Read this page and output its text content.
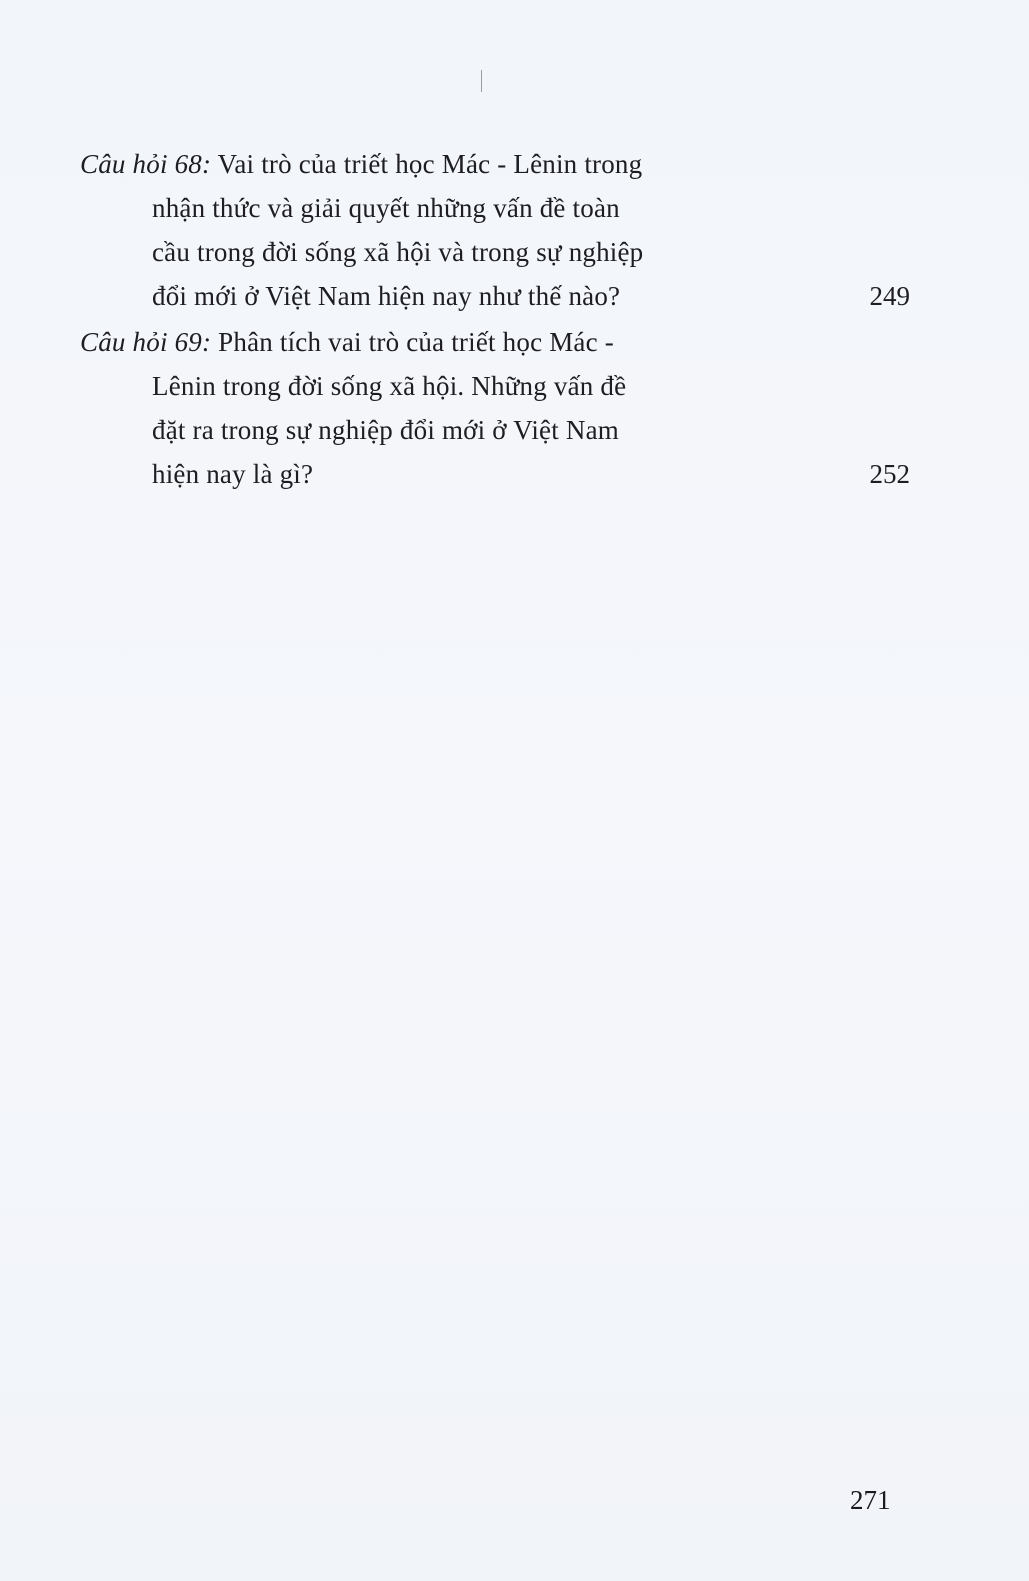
Câu hỏi 68: Vai trò của triết học Mác - Lênin trong
nhận thức và giải quyết những vấn đề toàn
cầu trong đời sống xã hội và trong sự nghiệp
đổi mới ở Việt Nam hiện nay như thế nào?	249
Câu hỏi 69: Phân tích vai trò của triết học Mác -
Lênin trong đời sống xã hội. Những vấn đề
đặt ra trong sự nghiệp đổi mới ở Việt Nam
hiện nay là gì?	252
271
